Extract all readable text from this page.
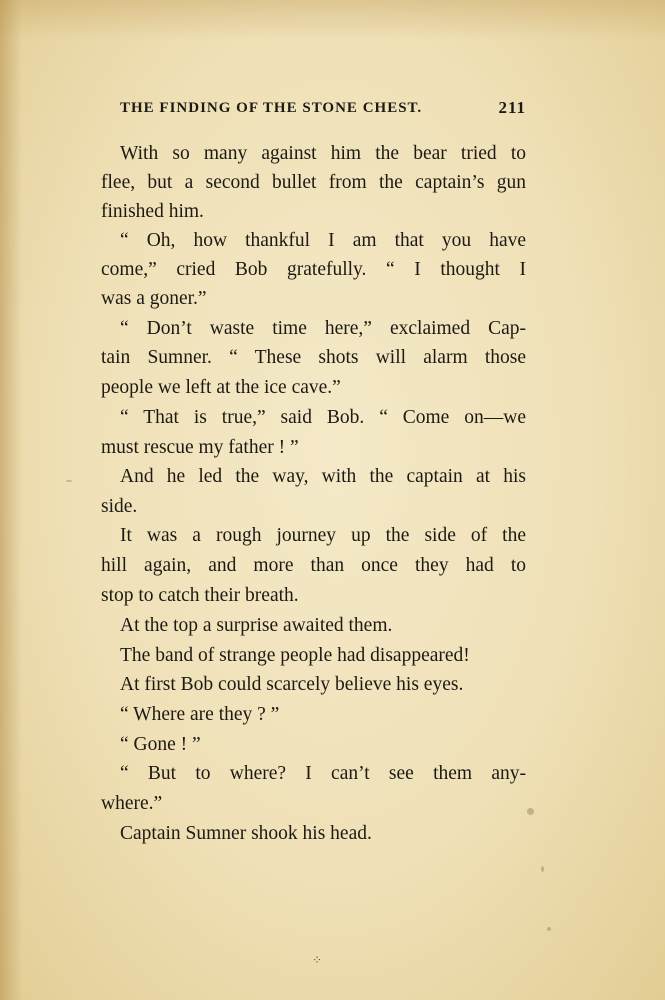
THE FINDING OF THE STONE CHEST.	211
With so many against him the bear tried to
flee, but a second bullet from the captain’s gun
finished him.
“ Oh, how thankful I am that you have
come,” cried Bob gratefully. “ I thought I
was a goner.”
“ Don’t waste time here,” exclaimed Cap-
tain Sumner. “ These shots will alarm those
people we left at the ice cave.”
“ That is true,” said Bob. “ Come on—we
must rescue my father ! ”
And he led the way, with the captain at his
side.
It was a rough journey up the side of the
hill again, and more than once they had to
stop to catch their breath.
At the top a surprise awaited them.
The band of strange people had disappeared!
At first Bob could scarcely believe his eyes.
“ Where are they ? ”
“ Gone ! ”
“ But to where? I can’t see them any-
where.”
Captain Sumner shook his head.
⁘
